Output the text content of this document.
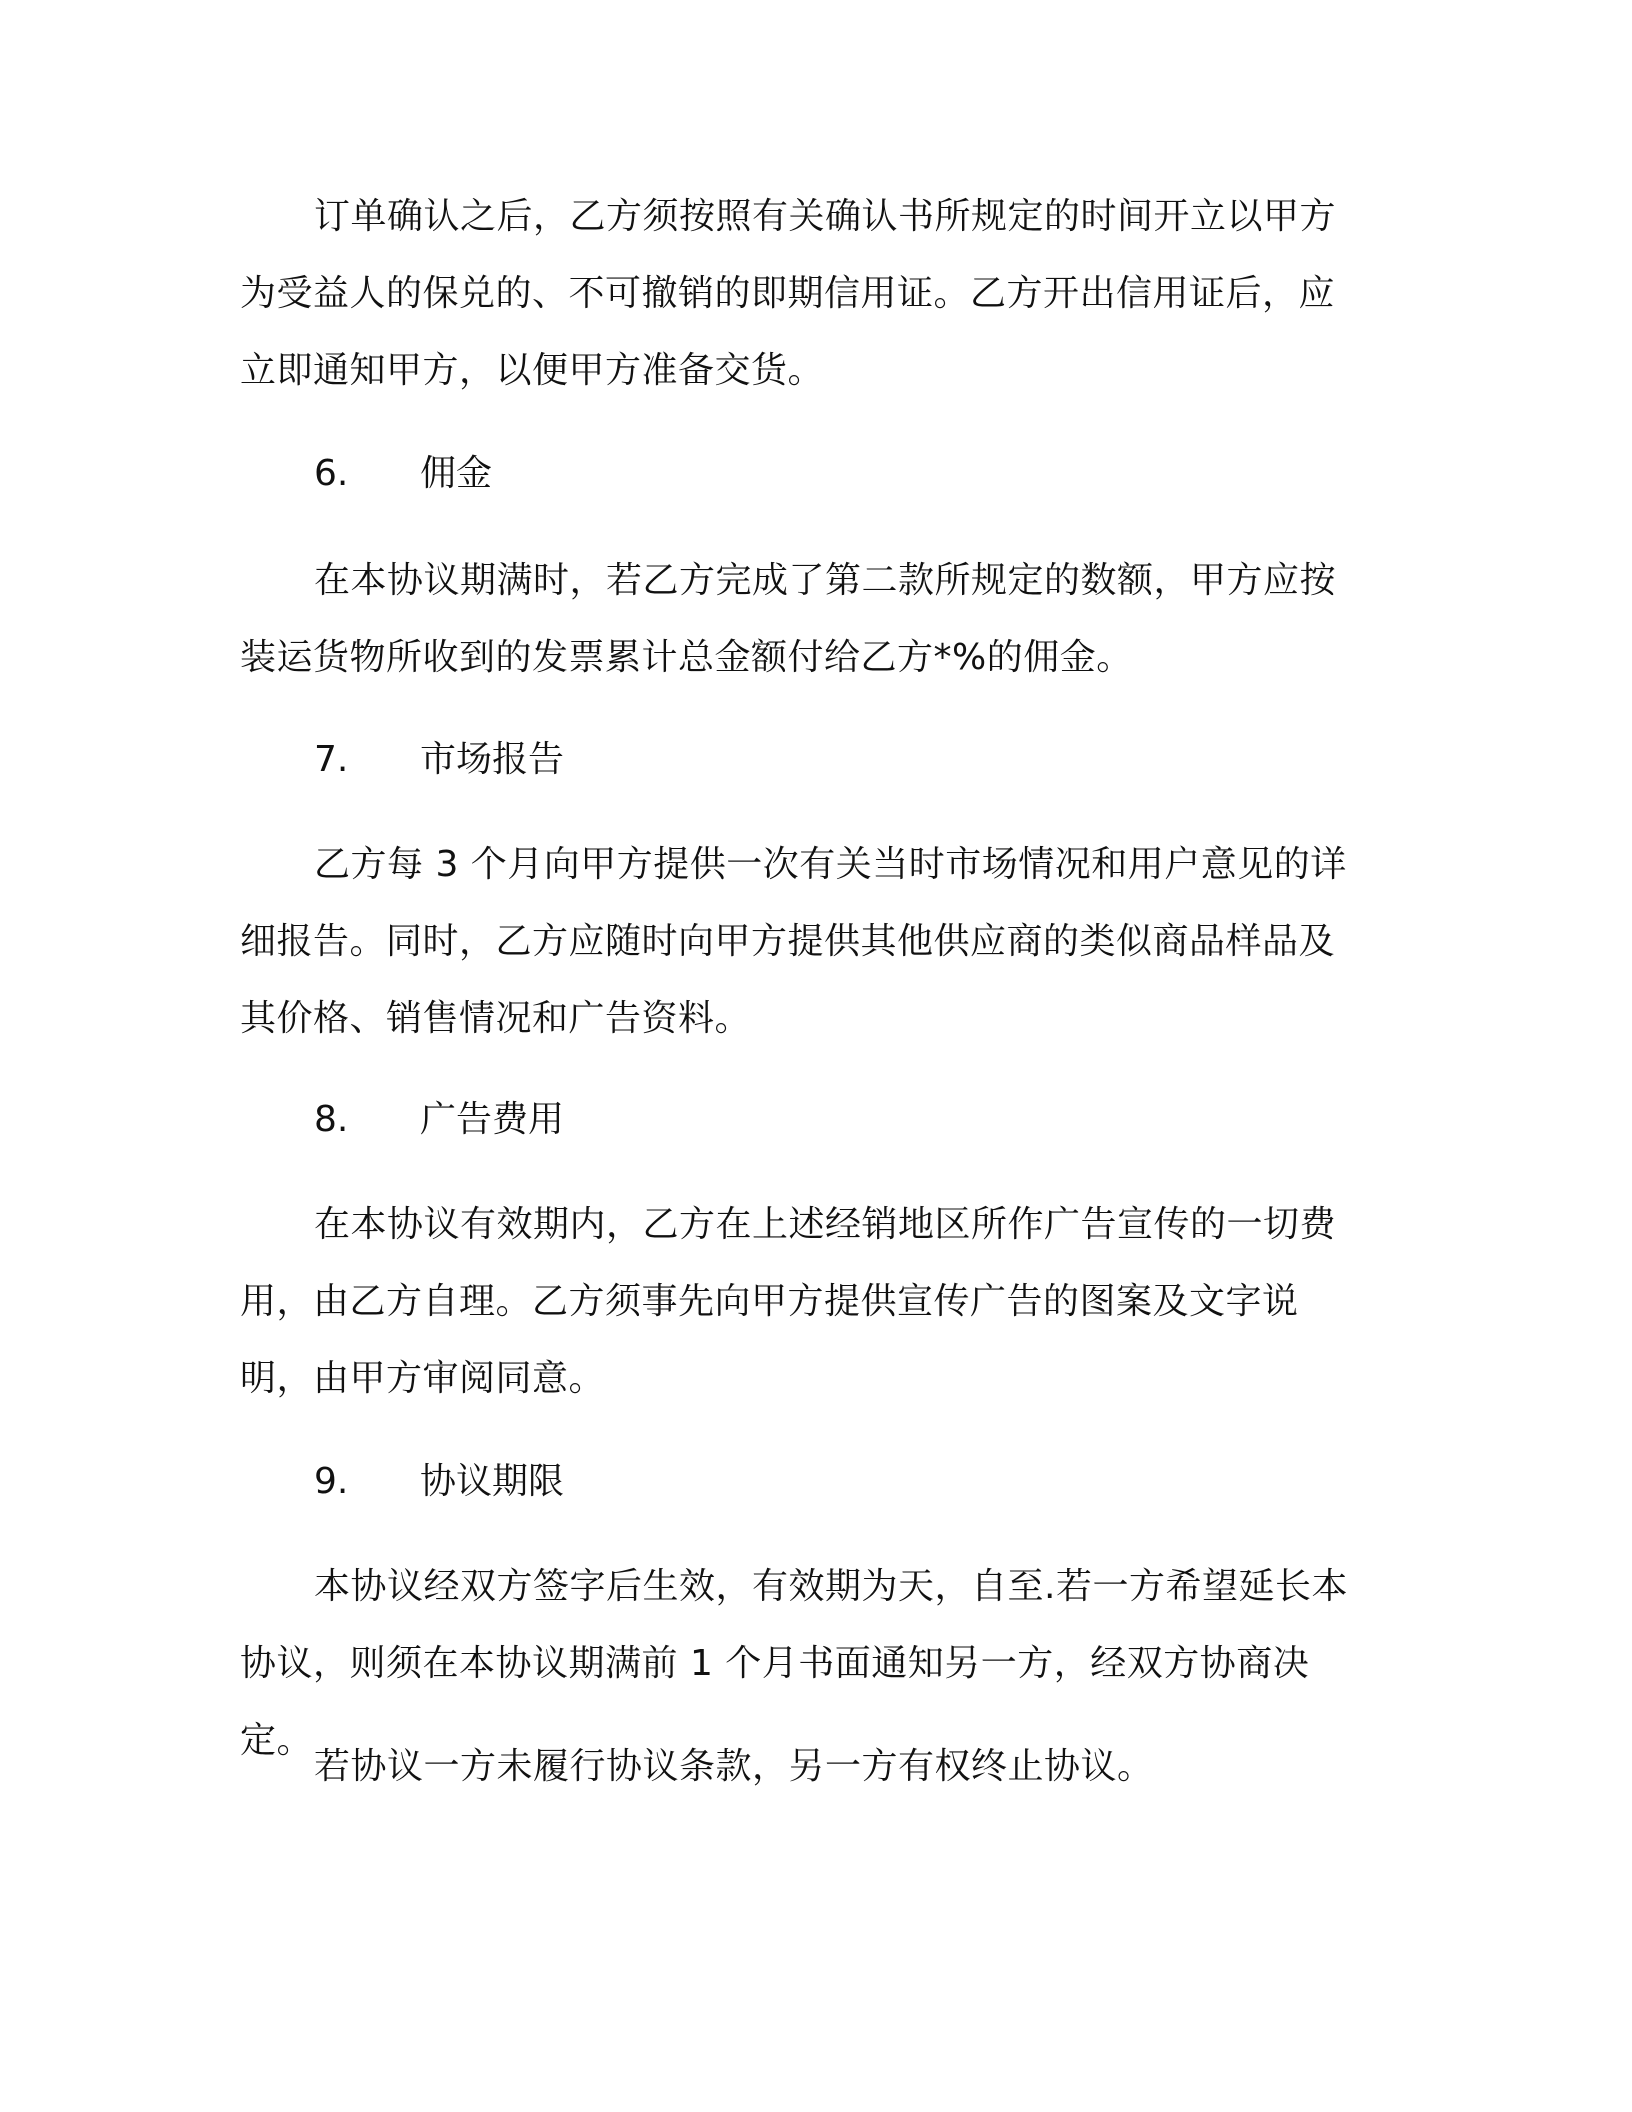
订单确认之后，乙方须按照有关确认书所规定的时间开立以甲方为受益人的保兑的、不可撤销的即期信用证。乙方开出信用证后，应立即通知甲方，以便甲方准备交货。

6.	佣金

在本协议期满时，若乙方完成了第二款所规定的数额，甲方应按装运货物所收到的发票累计总金额付给乙方*%的佣金。

7.	市场报告

乙方每 3 个月向甲方提供一次有关当时市场情况和用户意见的详细报告。同时，乙方应随时向甲方提供其他供应商的类似商品样品及其价格、销售情况和广告资料。

8.	广告费用

在本协议有效期内，乙方在上述经销地区所作广告宣传的一切费用，由乙方自理。乙方须事先向甲方提供宣传广告的图案及文字说明，由甲方审阅同意。

9.	协议期限

本协议经双方签字后生效，有效期为天，自至.若一方希望延长本协议，则须在本协议期满前 1 个月书面通知另一方，经双方协商决定。

若协议一方未履行协议条款，另一方有权终止协议。
